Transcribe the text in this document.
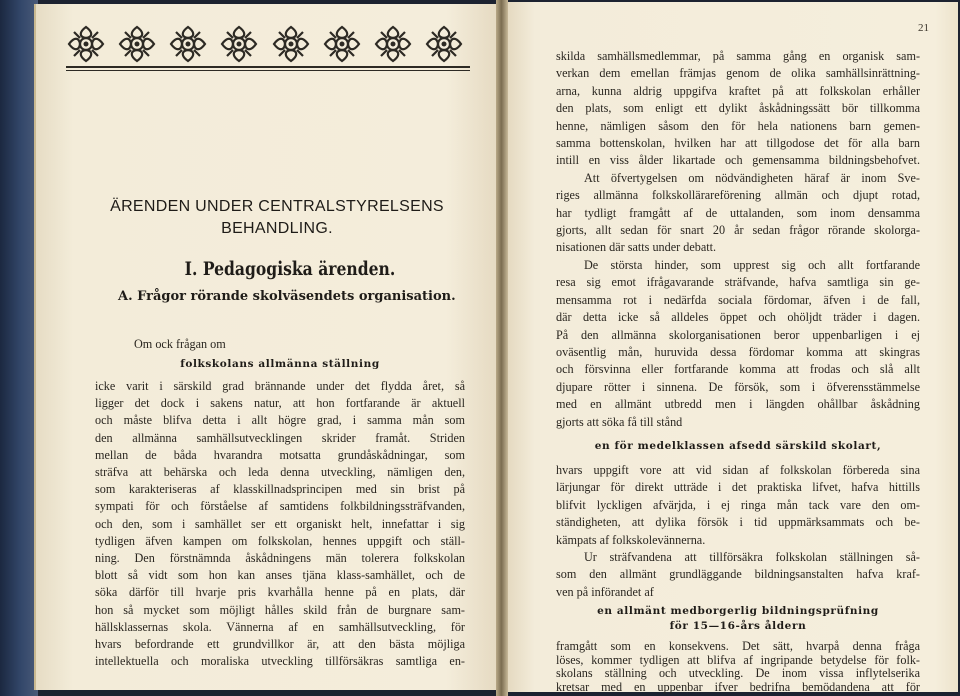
ÄRENDEN UNDER CENTRALSTYRELSENS
BEHANDLING.
I. Pedagogiska ärenden.
A. Frågor rörande skolväsendets organisation.

Om ock frågan om

folkskolans allmänna ställning

icke varit i särskild grad brännande under det flydda året, så

ligger det dock i sakens natur, att hon fortfarande är aktuell

och måste blifva detta i allt högre grad, i samma mån som

den allmänna samhällsutvecklingen skrider framåt. Striden

mellan de båda hvarandra motsatta grundåskådningar, som

sträfva att behärska och leda denna utveckling, nämligen den,

som karakteriseras af klasskillnadsprincipen med sin brist på

sympati för och förståelse af samtidens folkbildningssträfvanden,

och den, som i samhället ser ett organiskt helt, innefattar i sig

tydligen äfven kampen om folkskolan, hennes uppgift och ställ-

ning. Den förstnämnda åskådningens män tolerera folkskolan

blott så vidt som hon kan anses tjäna klass-samhället, och de

söka därför till hvarje pris kvarhålla henne på en plats, där

hon så mycket som möjligt hålles skild från de burgnare sam-

hällsklassernas skola. Vännerna af en samhällsutveckling, för

hvars befordrande ett grundvillkor är, att den bästa möjliga

intellektuella och moraliska utveckling tillförsäkras samtliga en-

21

skilda samhällsmedlemmar, på samma gång en organisk sam-

verkan dem emellan främjas genom de olika samhällsinrättning-

arna, kunna aldrig uppgifva kraftet på att folkskolan erhåller

den plats, som enligt ett dylikt åskådningssätt bör tillkomma

henne, nämligen såsom den för hela nationens barn gemen-

samma bottenskolan, hvilken har att tillgodose det för alla barn

intill en viss ålder likartade och gemensamma bildningsbehofvet.

Att öfvertygelsen om nödvändigheten häraf är inom Sve-

riges allmänna folkskollärareförening allmän och djupt rotad,

har tydligt framgått af de uttalanden, som inom densamma

gjorts, allt sedan för snart 20 år sedan frågor rörande skolorga-

nisationen där satts under debatt.

De största hinder, som upprest sig och allt fortfarande

resa sig emot ifrågavarande sträfvande, hafva samtliga sin ge-

mensamma rot i nedärfda sociala fördomar, äfven i de fall,

där detta icke så alldeles öppet och ohöljdt träder i dagen.

På den allmänna skolorganisationen beror uppenbarligen i ej

oväsentlig mån, huruvida dessa fördomar komma att skingras

och försvinna eller fortfarande komma att frodas och slå allt

djupare rötter i sinnena. De försök, som i öfverensstämmelse

med en allmänt utbredd men i längden ohållbar åskådning

gjorts att söka få till stånd

en för medelklassen afsedd särskild skolart,

hvars uppgift vore att vid sidan af folkskolan förbereda sina

lärjungar för direkt utträde i det praktiska lifvet, hafva hittills

blifvit lyckligen afvärjda, i ej ringa mån tack vare den om-

ständigheten, att dylika försök i tid uppmärksammats och be-

kämpats af folkskolevännerna.

Ur sträfvandena att tillförsäkra folkskolan ställningen så-

som den allmänt grundläggande bildningsanstalten hafva kraf-

ven på införandet af

en allmänt medborgerlig bildningsprüfning
för 15—16-års åldern

framgått som en konsekvens. Det sätt, hvarpå denna fråga

löses, kommer tydligen att blifva af ingripande betydelse för folk-

skolans ställning och utveckling. De inom vissa inflytelserika

kretsar med en uppenbar ifver bedrifna bemödandena att för
